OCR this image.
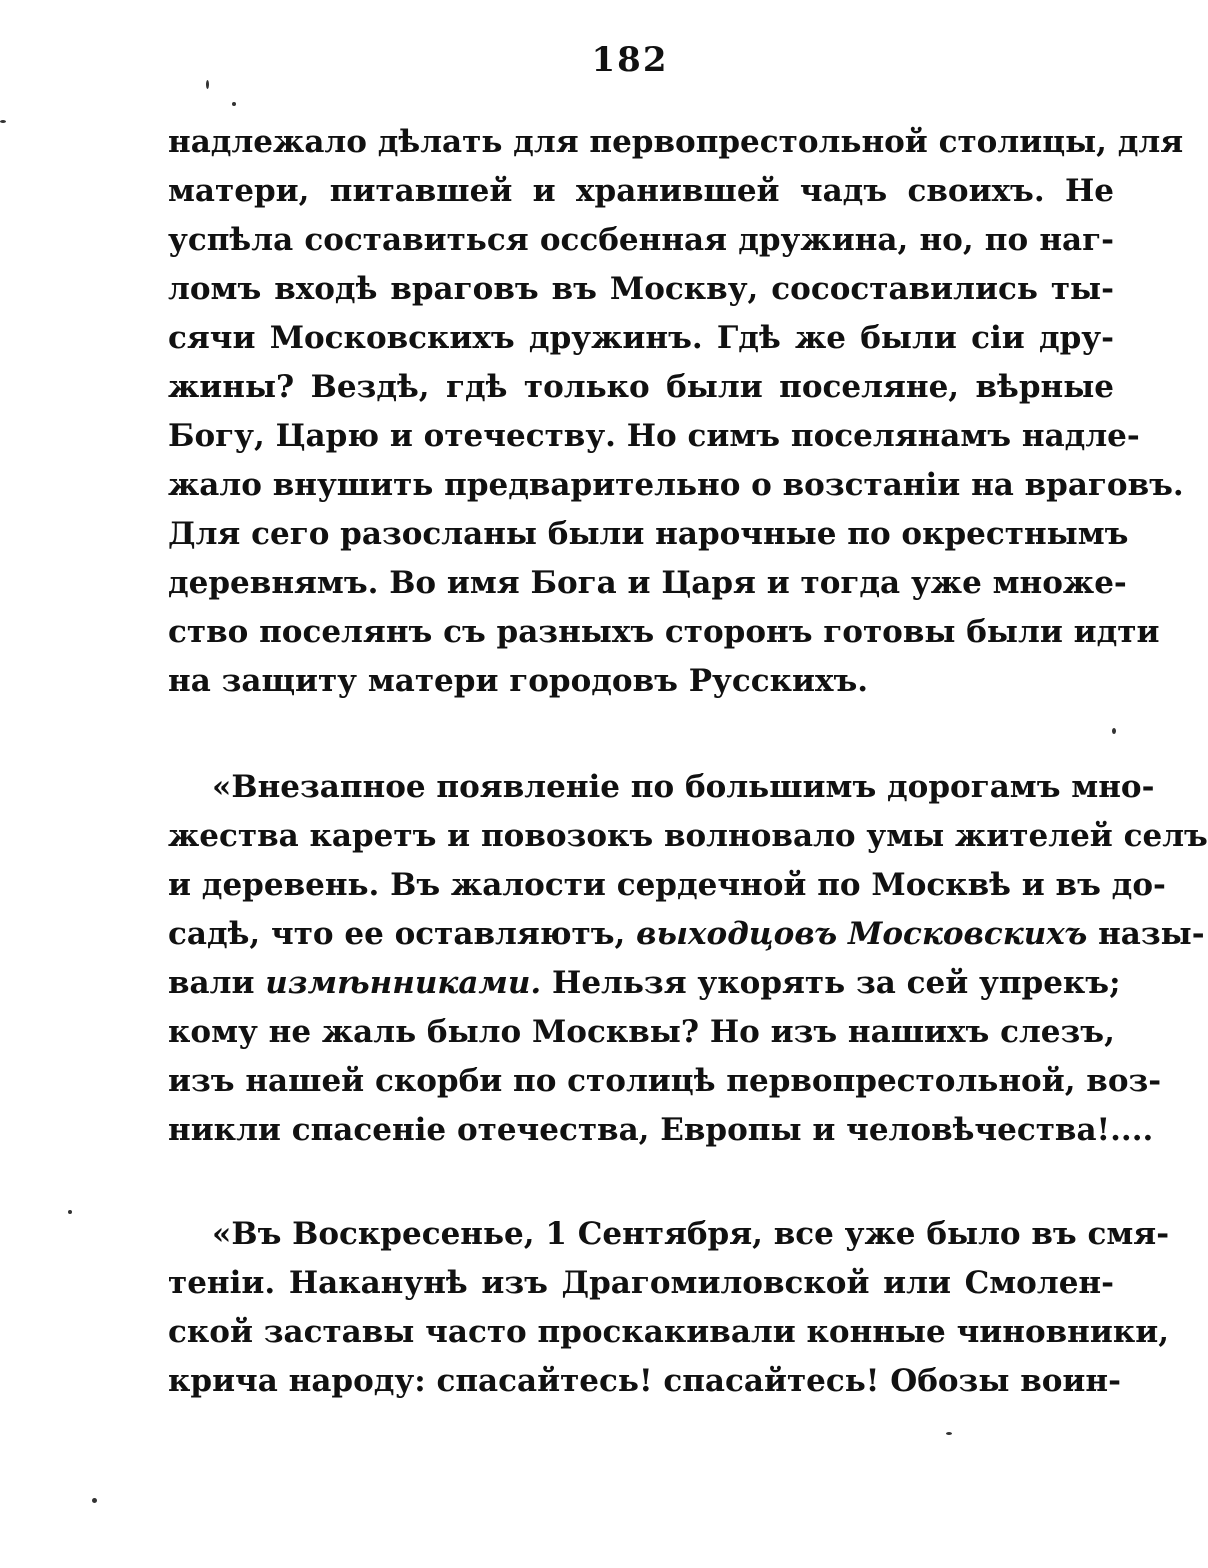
182
надлежало дѣлать для первопрестольной столицы, для
матери, питавшей и хранившей чадъ своихъ. Не
успѣла составиться оссбенная дружина, но, по наг-
ломъ входѣ враговъ въ Москву, сосоставились ты-
сячи Московскихъ дружинъ. Гдѣ же были сіи дру-
жины? Вездѣ, гдѣ только были поселяне, вѣрные
Богу, Царю и отечеству. Но симъ поселянамъ надле-
жало внушить предварительно о возстаніи на враговъ.
Для сего разосланы были нарочные по окрестнымъ
деревнямъ. Во имя Бога и Царя и тогда уже множе-
ство поселянъ съ разныхъ сторонъ готовы были идти
на защиту матери городовъ Русскихъ.
«Внезапное появленіе по большимъ дорогамъ мно-
жества каретъ и повозокъ волновало умы жителей селъ
и деревень. Въ жалости сердечной по Москвѣ и въ до-
садѣ, что ее оставляютъ, выходцовъ Московскихъ назы-
вали измѣнниками. Нельзя укорять за сей упрекъ;
кому не жаль было Москвы? Но изъ нашихъ слезъ,
изъ нашей скорби по столицѣ первопрестольной, воз-
никли спасеніе отечества, Европы и человѣчества!....
«Въ Воскресенье, 1 Сентября, все уже было въ смя-
теніи. Наканунѣ изъ Драгомиловской или Смолен-
ской заставы часто проскакивали конные чиновники,
крича народу: спасайтесь! спасайтесь! Обозы воин-
